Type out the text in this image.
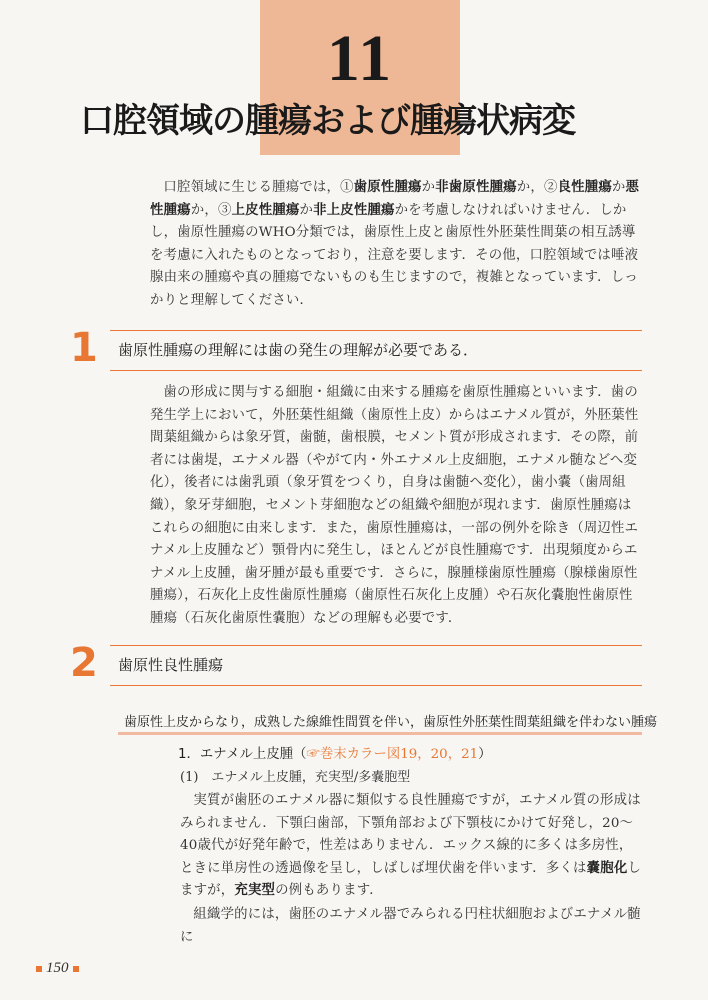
11
口腔領域の腫瘍および腫瘍状病変

口腔領域に生じる腫瘍では，①歯原性腫瘍か非歯原性腫瘍か，②良性腫瘍か悪性腫瘍か，③上皮性腫瘍か非上皮性腫瘍かを考慮しなければいけません．しかし，歯原性腫瘍のWHO分類では，歯原性上皮と歯原性外胚葉性間葉の相互誘導を考慮に入れたものとなっており，注意を要します．その他，口腔領域では唾液腺由来の腫瘍や真の腫瘍でないものも生じますので，複雑となっています．しっかりと理解してください．

1 歯原性腫瘍の理解には歯の発生の理解が必要である．

歯の形成に関与する細胞・組織に由来する腫瘍を歯原性腫瘍といいます．歯の発生学上において，外胚葉性組織（歯原性上皮）からはエナメル質が，外胚葉性間葉組織からは象牙質，歯髄，歯根膜，セメント質が形成されます．その際，前者には歯堤，エナメル器（やがて内・外エナメル上皮細胞，エナメル髄などへ変化），後者には歯乳頭（象牙質をつくり，自身は歯髄へ変化），歯小嚢（歯周組織），象牙芽細胞，セメント芽細胞などの組織や細胞が現れます．歯原性腫瘍はこれらの細胞に由来します．また，歯原性腫瘍は，一部の例外を除き（周辺性エナメル上皮腫など）顎骨内に発生し，ほとんどが良性腫瘍です．出現頻度からエナメル上皮腫，歯牙腫が最も重要です．さらに，腺腫様歯原性腫瘍（腺様歯原性腫瘍），石灰化上皮性歯原性腫瘍（歯原性石灰化上皮腫）や石灰化嚢胞性歯原性腫瘍（石灰化歯原性嚢胞）などの理解も必要です．

2 歯原性良性腫瘍
歯原性上皮からなり，成熟した線維性間質を伴い，歯原性外胚葉性間葉組織を伴わない腫瘍
1．エナメル上皮腫（☞巻末カラー図19，20，21）
(1)　エナメル上皮腫，充実型/多嚢胞型

実質が歯胚のエナメル器に類似する良性腫瘍ですが，エナメル質の形成はみられません．下顎臼歯部，下顎角部および下顎枝にかけて好発し，20～40歳代が好発年齢で，性差はありません．エックス線的に多くは多房性，ときに単房性の透過像を呈し，しばしば埋伏歯を伴います．多くは嚢胞化しますが，充実型の例もあります．

組織学的には，歯胚のエナメル器でみられる円柱状細胞およびエナメル髄に

150
